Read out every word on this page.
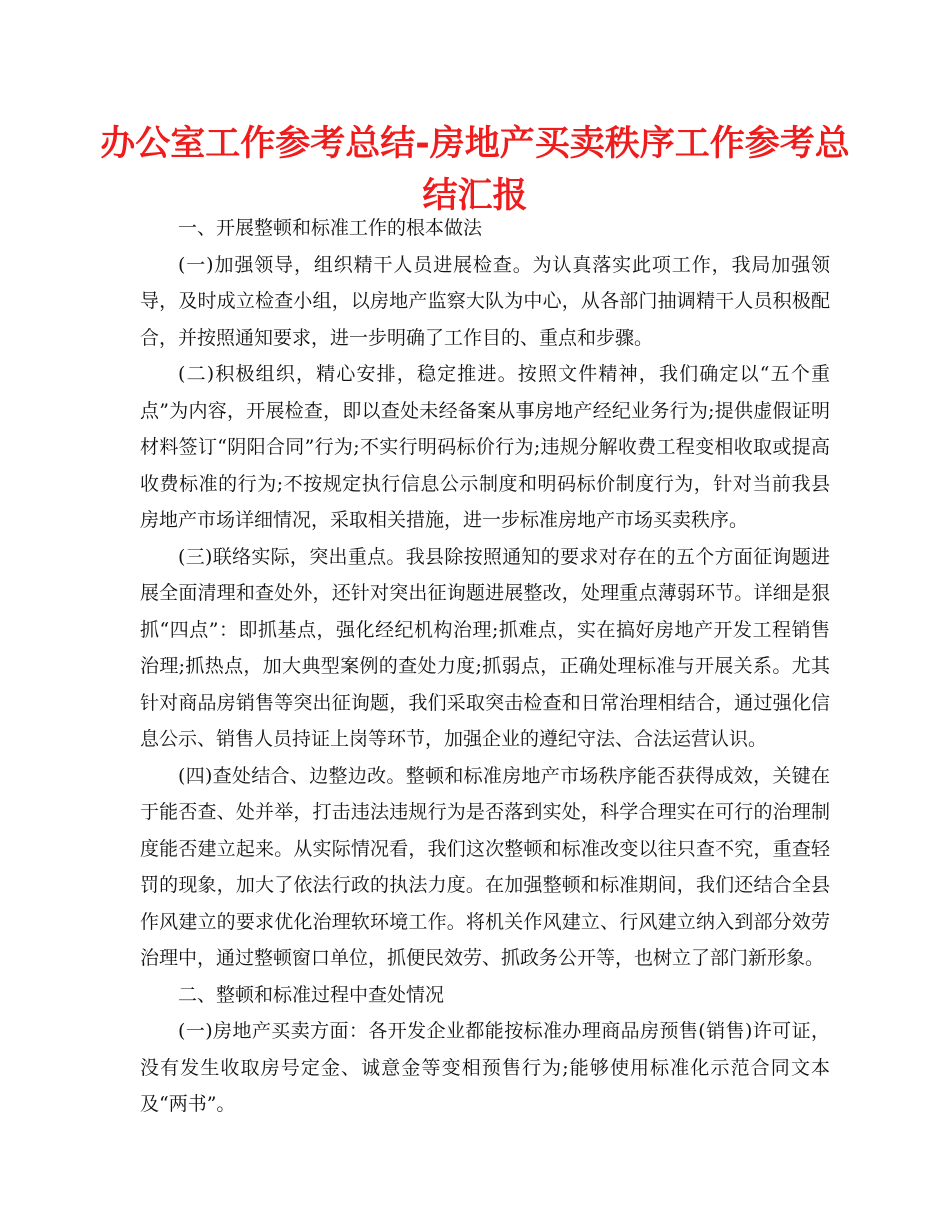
办公室工作参考总结-房地产买卖秩序工作参考总结汇报

一、开展整顿和标准工作的根本做法

(一)加强领导，组织精干人员进展检查。为认真落实此项工作，我局加强领导，及时成立检查小组，以房地产监察大队为中心，从各部门抽调精干人员积极配合，并按照通知要求，进一步明确了工作目的、重点和步骤。

(二)积极组织，精心安排，稳定推进。按照文件精神，我们确定以“五个重点”为内容，开展检查，即以查处未经备案从事房地产经纪业务行为;提供虚假证明材料签订“阴阳合同”行为;不实行明码标价行为;违规分解收费工程变相收取或提高收费标准的行为;不按规定执行信息公示制度和明码标价制度行为，针对当前我县房地产市场详细情况，采取相关措施，进一步标准房地产市场买卖秩序。

(三)联络实际，突出重点。我县除按照通知的要求对存在的五个方面征询题进展全面清理和查处外，还针对突出征询题进展整改，处理重点薄弱环节。详细是狠抓“四点”：即抓基点，强化经纪机构治理;抓难点，实在搞好房地产开发工程销售治理;抓热点，加大典型案例的查处力度;抓弱点，正确处理标准与开展关系。尤其针对商品房销售等突出征询题，我们采取突击检查和日常治理相结合，通过强化信息公示、销售人员持证上岗等环节，加强企业的遵纪守法、合法运营认识。

(四)查处结合、边整边改。整顿和标准房地产市场秩序能否获得成效，关键在于能否查、处并举，打击违法违规行为是否落到实处，科学合理实在可行的治理制度能否建立起来。从实际情况看，我们这次整顿和标准改变以往只查不究，重查轻罚的现象，加大了依法行政的执法力度。在加强整顿和标准期间，我们还结合全县作风建立的要求优化治理软环境工作。将机关作风建立、行风建立纳入到部分效劳治理中，通过整顿窗口单位，抓便民效劳、抓政务公开等，也树立了部门新形象。

二、整顿和标准过程中查处情况

(一)房地产买卖方面：各开发企业都能按标准办理商品房预售(销售)许可证，没有发生收取房号定金、诚意金等变相预售行为;能够使用标准化示范合同文本及“两书”。
